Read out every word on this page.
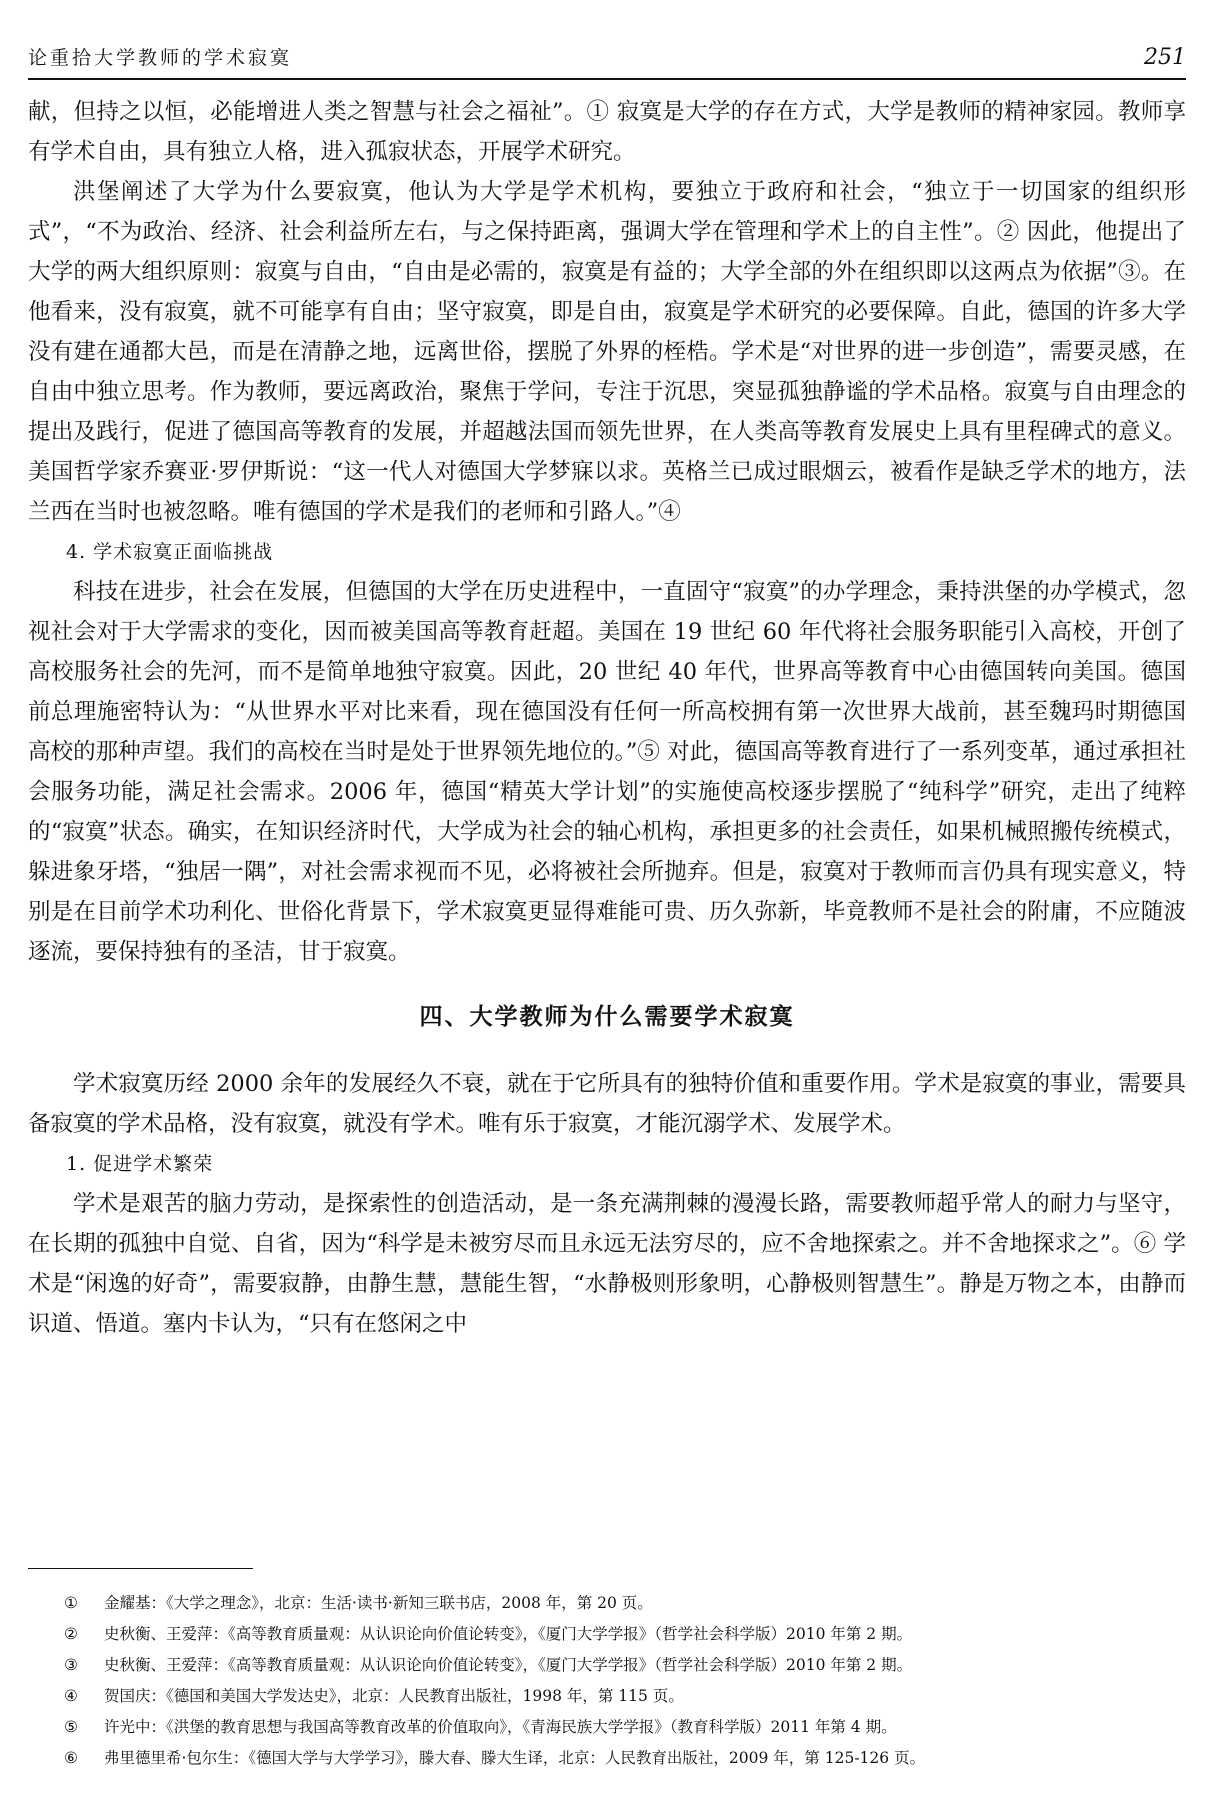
论重拾大学教师的学术寂寞	251

献，但持之以恒，必能增进人类之智慧与社会之福祉”。① 寂寞是大学的存在方式，大学是教师的精神家园。教师享有学术自由，具有独立人格，进入孤寂状态，开展学术研究。

洪堡阐述了大学为什么要寂寞，他认为大学是学术机构，要独立于政府和社会，“独立于一切国家的组织形式”，“不为政治、经济、社会利益所左右，与之保持距离，强调大学在管理和学术上的自主性”。② 因此，他提出了大学的两大组织原则：寂寞与自由，“自由是必需的，寂寞是有益的；大学全部的外在组织即以这两点为依据”③。在他看来，没有寂寞，就不可能享有自由；坚守寂寞，即是自由，寂寞是学术研究的必要保障。自此，德国的许多大学没有建在通都大邑，而是在清静之地，远离世俗，摆脱了外界的桎梏。学术是“对世界的进一步创造”，需要灵感，在自由中独立思考。作为教师，要远离政治，聚焦于学问，专注于沉思，突显孤独静谧的学术品格。寂寞与自由理念的提出及践行，促进了德国高等教育的发展，并超越法国而领先世界，在人类高等教育发展史上具有里程碑式的意义。美国哲学家乔赛亚·罗伊斯说：“这一代人对德国大学梦寐以求。英格兰已成过眼烟云，被看作是缺乏学术的地方，法兰西在当时也被忽略。唯有德国的学术是我们的老师和引路人。”④

4. 学术寂寞正面临挑战

科技在进步，社会在发展，但德国的大学在历史进程中，一直固守“寂寞”的办学理念，秉持洪堡的办学模式，忽视社会对于大学需求的变化，因而被美国高等教育赶超。美国在 19 世纪 60 年代将社会服务职能引入高校，开创了高校服务社会的先河，而不是简单地独守寂寞。因此，20 世纪 40 年代，世界高等教育中心由德国转向美国。德国前总理施密特认为：“从世界水平对比来看，现在德国没有任何一所高校拥有第一次世界大战前，甚至魏玛时期德国高校的那种声望。我们的高校在当时是处于世界领先地位的。”⑤ 对此，德国高等教育进行了一系列变革，通过承担社会服务功能，满足社会需求。2006 年，德国“精英大学计划”的实施使高校逐步摆脱了“纯科学”研究，走出了纯粹的“寂寞”状态。确实，在知识经济时代，大学成为社会的轴心机构，承担更多的社会责任，如果机械照搬传统模式，躲进象牙塔，“独居一隅”，对社会需求视而不见，必将被社会所抛弃。但是，寂寞对于教师而言仍具有现实意义，特别是在目前学术功利化、世俗化背景下，学术寂寞更显得难能可贵、历久弥新，毕竟教师不是社会的附庸，不应随波逐流，要保持独有的圣洁，甘于寂寞。

四、大学教师为什么需要学术寂寞

学术寂寞历经 2000 余年的发展经久不衰，就在于它所具有的独特价值和重要作用。学术是寂寞的事业，需要具备寂寞的学术品格，没有寂寞，就没有学术。唯有乐于寂寞，才能沉溺学术、发展学术。

1. 促进学术繁荣

学术是艰苦的脑力劳动，是探索性的创造活动，是一条充满荆棘的漫漫长路，需要教师超乎常人的耐力与坚守，在长期的孤独中自觉、自省，因为“科学是未被穷尽而且永远无法穷尽的，应不舍地探索之。并不舍地探求之”。⑥ 学术是“闲逸的好奇”，需要寂静，由静生慧，慧能生智，“水静极则形象明，心静极则智慧生”。静是万物之本，由静而识道、悟道。塞内卡认为，“只有在悠闲之中

① 金耀基：《大学之理念》，北京：生活·读书·新知三联书店，2008 年，第 20 页。
② 史秋衡、王爱萍：《高等教育质量观：从认识论向价值论转变》，《厦门大学学报》（哲学社会科学版）2010 年第 2 期。
③ 史秋衡、王爱萍：《高等教育质量观：从认识论向价值论转变》，《厦门大学学报》（哲学社会科学版）2010 年第 2 期。
④ 贺国庆：《德国和美国大学发达史》，北京：人民教育出版社，1998 年，第 115 页。
⑤ 许光中：《洪堡的教育思想与我国高等教育改革的价值取向》，《青海民族大学学报》（教育科学版）2011 年第 4 期。
⑥ 弗里德里希·包尔生：《德国大学与大学学习》，滕大春、滕大生译，北京：人民教育出版社，2009 年，第 125-126 页。
